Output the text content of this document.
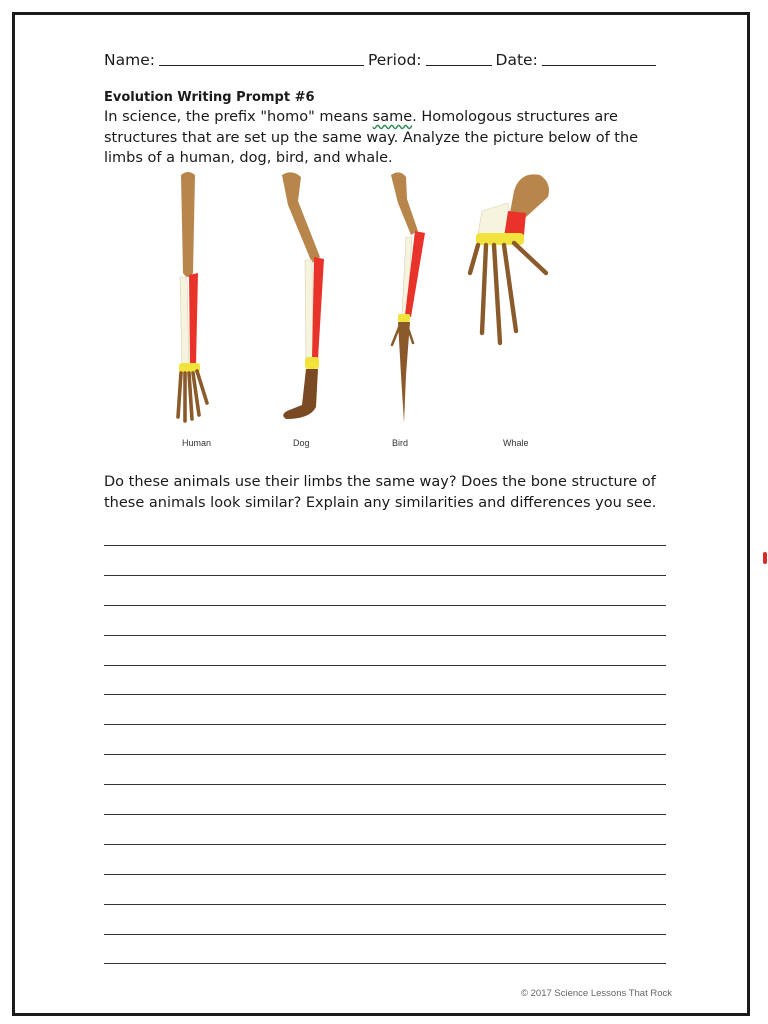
Name:	Period:	Date:
Evolution Writing Prompt #6
In science, the prefix "homo" means same. Homologous structures are structures that are set up the same way. Analyze the picture below of the limbs of a human, dog, bird, and whale.
Human	Dog	Bird	Whale
Do these animals use their limbs the same way? Does the bone structure of these animals look similar? Explain any similarities and differences you see.
© 2017 Science Lessons That Rock
